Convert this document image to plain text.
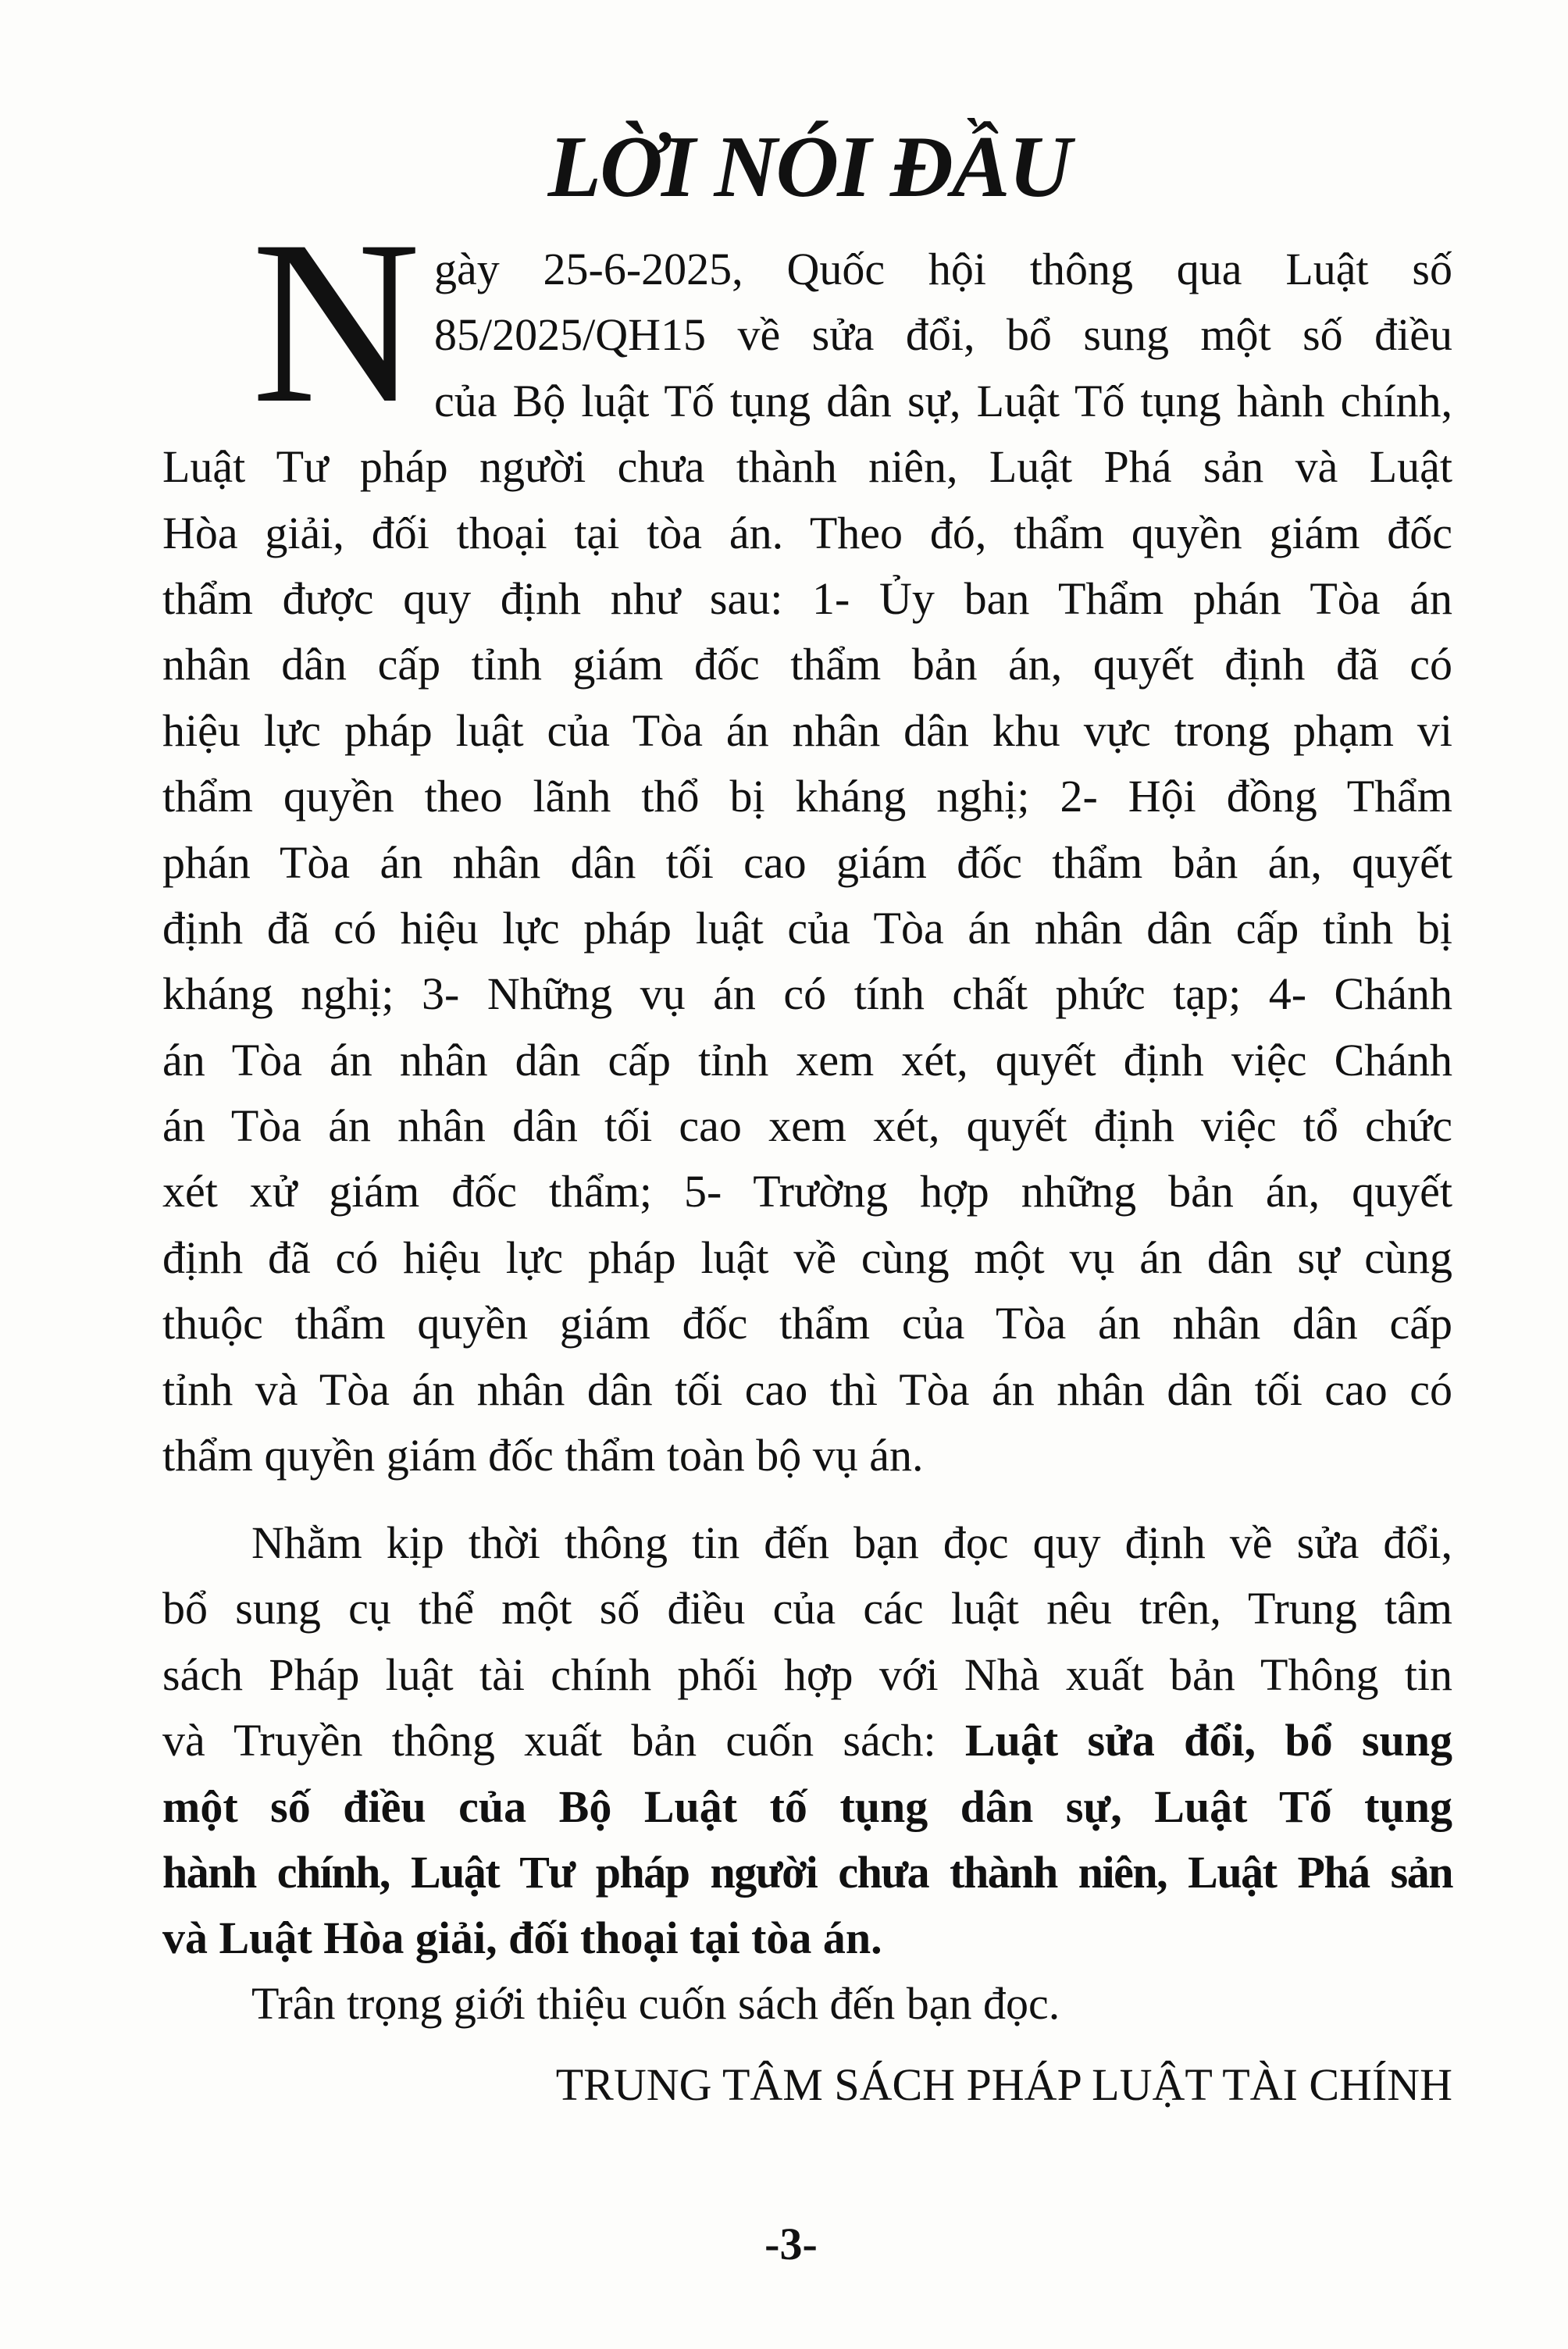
LỜI NÓI ĐẦU
N gày 25-6-2025, Quốc hội thông qua Luật số
85/2025/QH15 về sửa đổi, bổ sung một số điều
của Bộ luật Tố tụng dân sự, Luật Tố tụng hành chính,
Luật Tư pháp người chưa thành niên, Luật Phá sản và Luật
Hòa giải, đối thoại tại tòa án. Theo đó, thẩm quyền giám đốc
thẩm được quy định như sau: 1- Ủy ban Thẩm phán Tòa án
nhân dân cấp tỉnh giám đốc thẩm bản án, quyết định đã có
hiệu lực pháp luật của Tòa án nhân dân khu vực trong phạm vi
thẩm quyền theo lãnh thổ bị kháng nghị; 2- Hội đồng Thẩm
phán Tòa án nhân dân tối cao giám đốc thẩm bản án, quyết
định đã có hiệu lực pháp luật của Tòa án nhân dân cấp tỉnh bị
kháng nghị; 3- Những vụ án có tính chất phức tạp; 4- Chánh
án Tòa án nhân dân cấp tỉnh xem xét, quyết định việc Chánh
án Tòa án nhân dân tối cao xem xét, quyết định việc tổ chức
xét xử giám đốc thẩm; 5- Trường hợp những bản án, quyết
định đã có hiệu lực pháp luật về cùng một vụ án dân sự cùng
thuộc thẩm quyền giám đốc thẩm của Tòa án nhân dân cấp
tỉnh và Tòa án nhân dân tối cao thì Tòa án nhân dân tối cao có
thẩm quyền giám đốc thẩm toàn bộ vụ án.
Nhằm kịp thời thông tin đến bạn đọc quy định về sửa đổi,
bổ sung cụ thể một số điều của các luật nêu trên, Trung tâm
sách Pháp luật tài chính phối hợp với Nhà xuất bản Thông tin
và Truyền thông xuất bản cuốn sách: Luật sửa đổi, bổ sung
một số điều của Bộ Luật tố tụng dân sự, Luật Tố tụng
hành chính, Luật Tư pháp người chưa thành niên, Luật Phá sản
và Luật Hòa giải, đối thoại tại tòa án.
Trân trọng giới thiệu cuốn sách đến bạn đọc.
TRUNG TÂM SÁCH PHÁP LUẬT TÀI CHÍNH
-3-
